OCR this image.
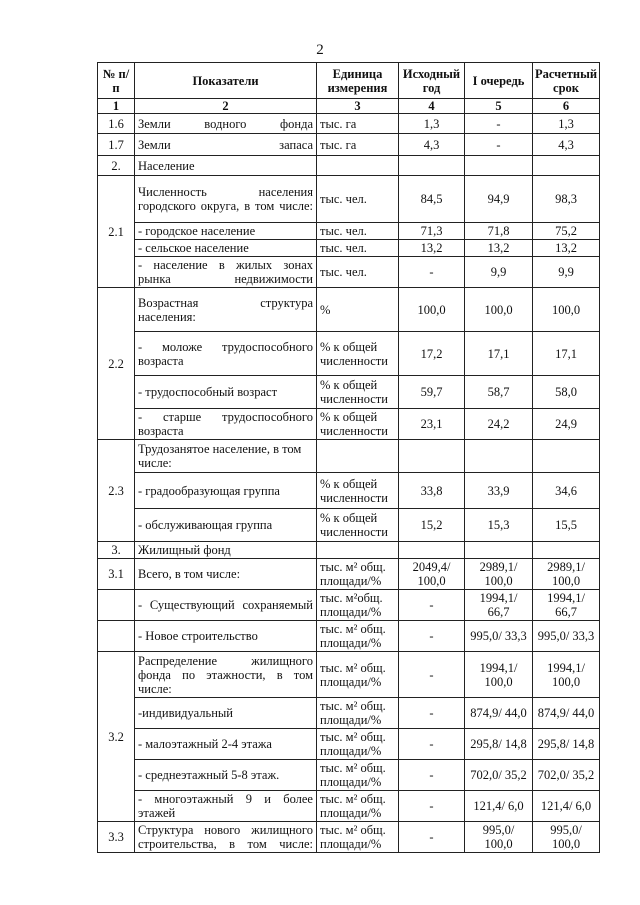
2
№ п/п	Показатели	Единица измерения	Исходный год	I очередь	Расчетный срок
1	2	3	4	5	6
1.6	Земли водного фонда	тыс. га	1,3	-	1,3
1.7	Земли запаса	тыс. га	4,3	-	4,3
2.	Население				
2.1	Численность населения городского округа, в том числе:	тыс. чел.	84,5	94,9	98,3
	- городское население	тыс. чел.	71,3	71,8	75,2
	- сельское население	тыс. чел.	13,2	13,2	13,2
	- население в жилых зонах рынка недвижимости	тыс. чел.	-	9,9	9,9
2.2	Возрастная структура населения:	%	100,0	100,0	100,0
	- моложе трудоспособного возраста	% к общей численности	17,2	17,1	17,1
	- трудоспособный возраст	% к общей численности	59,7	58,7	58,0
	- старше трудоспособного возраста	% к общей численности	23,1	24,2	24,9
2.3	Трудозанятое население, в том числе:				
	- градообразующая группа	% к общей численности	33,8	33,9	34,6
	- обслуживающая группа	% к общей численности	15,2	15,3	15,5
3.	Жилищный фонд				
3.1	Всего, в том числе:	тыс. м² общ. площади/%	2049,4/ 100,0	2989,1/ 100,0	2989,1/ 100,0
	- Существующий сохраняемый	тыс. м²общ. площади/%	-	1994,1/ 66,7	1994,1/ 66,7
	- Новое строительство	тыс. м² общ. площади/%	-	995,0/ 33,3	995,0/ 33,3
3.2	Распределение жилищного фонда по этажности, в том числе:	тыс. м² общ. площади/%	-	1994,1/ 100,0	1994,1/ 100,0
	-индивидуальный	тыс. м² общ. площади/%	-	874,9/ 44,0	874,9/ 44,0
	- малоэтажный 2-4 этажа	тыс. м² общ. площади/%	-	295,8/ 14,8	295,8/ 14,8
	- среднеэтажный 5-8 этаж.	тыс. м² общ. площади/%	-	702,0/ 35,2	702,0/ 35,2
	- многоэтажный 9 и более этажей	тыс. м² общ. площади/%	-	121,4/ 6,0	121,4/ 6,0
3.3	Структура нового жилищного строительства, в том числе:	тыс. м² общ. площади/%	-	995,0/ 100,0	995,0/ 100,0
